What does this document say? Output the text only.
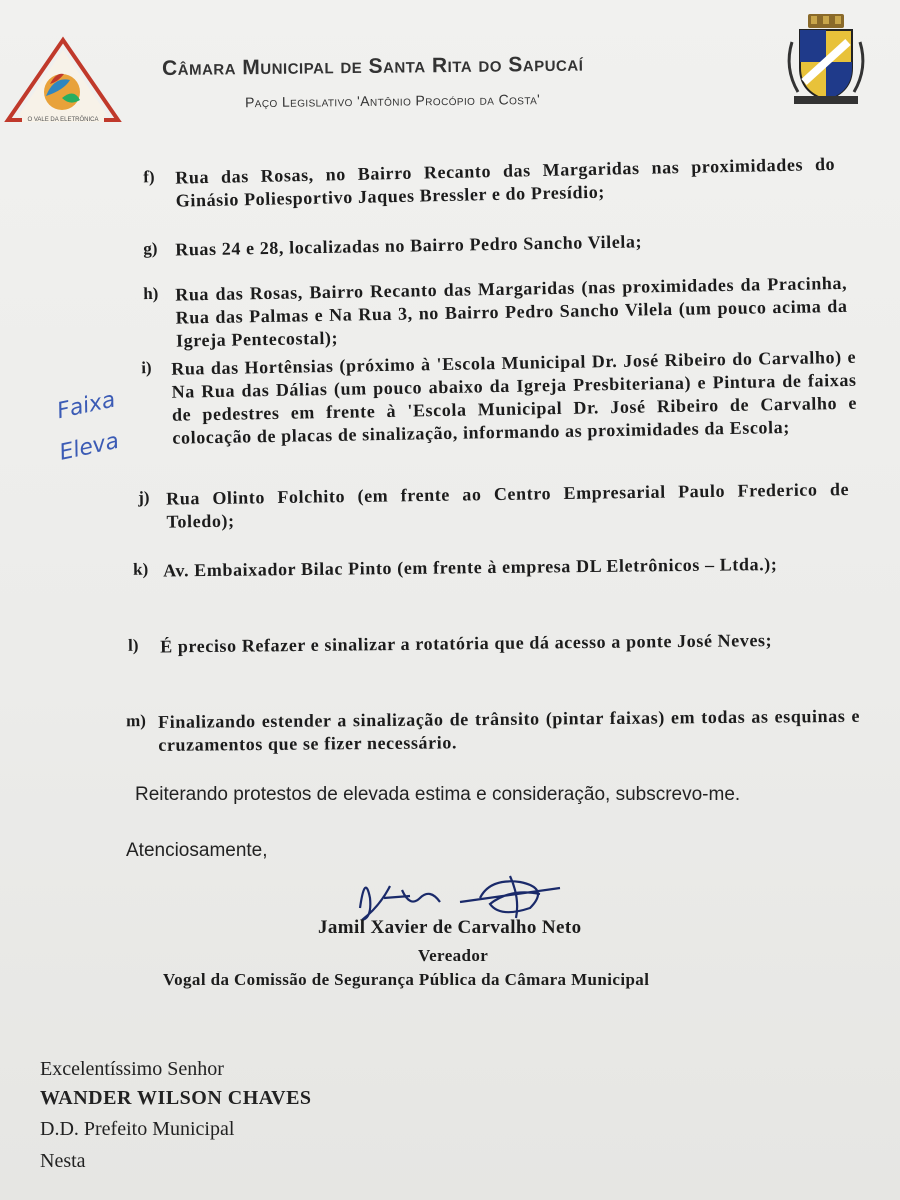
O VALE DA ELETRÔNICA
Câmara Municipal de Santa Rita do Sapucaí
Paço Legislativo 'Antônio Procópio da Costa'
f) Rua das Rosas, no Bairro Recanto das Margaridas nas proximidades do Ginásio Poliesportivo Jaques Bressler e do Presídio;
g) Ruas 24 e 28, localizadas no Bairro Pedro Sancho Vilela;
h) Rua das Rosas, Bairro Recanto das Margaridas (nas proximidades da Pracinha, Rua das Palmas e Na Rua 3, no Bairro Pedro Sancho Vilela (um pouco acima da Igreja Pentecostal);
i) Rua das Hortênsias (próximo à 'Escola Municipal Dr. José Ribeiro do Carvalho) e Na Rua das Dálias (um pouco abaixo da Igreja Presbiteriana) e Pintura de faixas de pedestres em frente à 'Escola Municipal Dr. José Ribeiro de Carvalho e colocação de placas de sinalização, informando as proximidades da Escola;
j) Rua Olinto Folchito (em frente ao Centro Empresarial Paulo Frederico de Toledo);
k) Av. Embaixador Bilac Pinto (em frente à empresa DL Eletrônicos – Ltda.);
l) É preciso Refazer e sinalizar a rotatória que dá acesso a ponte José Neves;
m) Finalizando estender a sinalização de trânsito (pintar faixas) em todas as esquinas e cruzamentos que se fizer necessário.
Faixa
Eleva
Reiterando protestos de elevada estima e consideração, subscrevo-me.
Atenciosamente,
Jamil Xavier de Carvalho Neto
Vereador
Vogal da Comissão de Segurança Pública da Câmara Municipal
Excelentíssimo Senhor
WANDER WILSON CHAVES
D.D. Prefeito Municipal
Nesta
